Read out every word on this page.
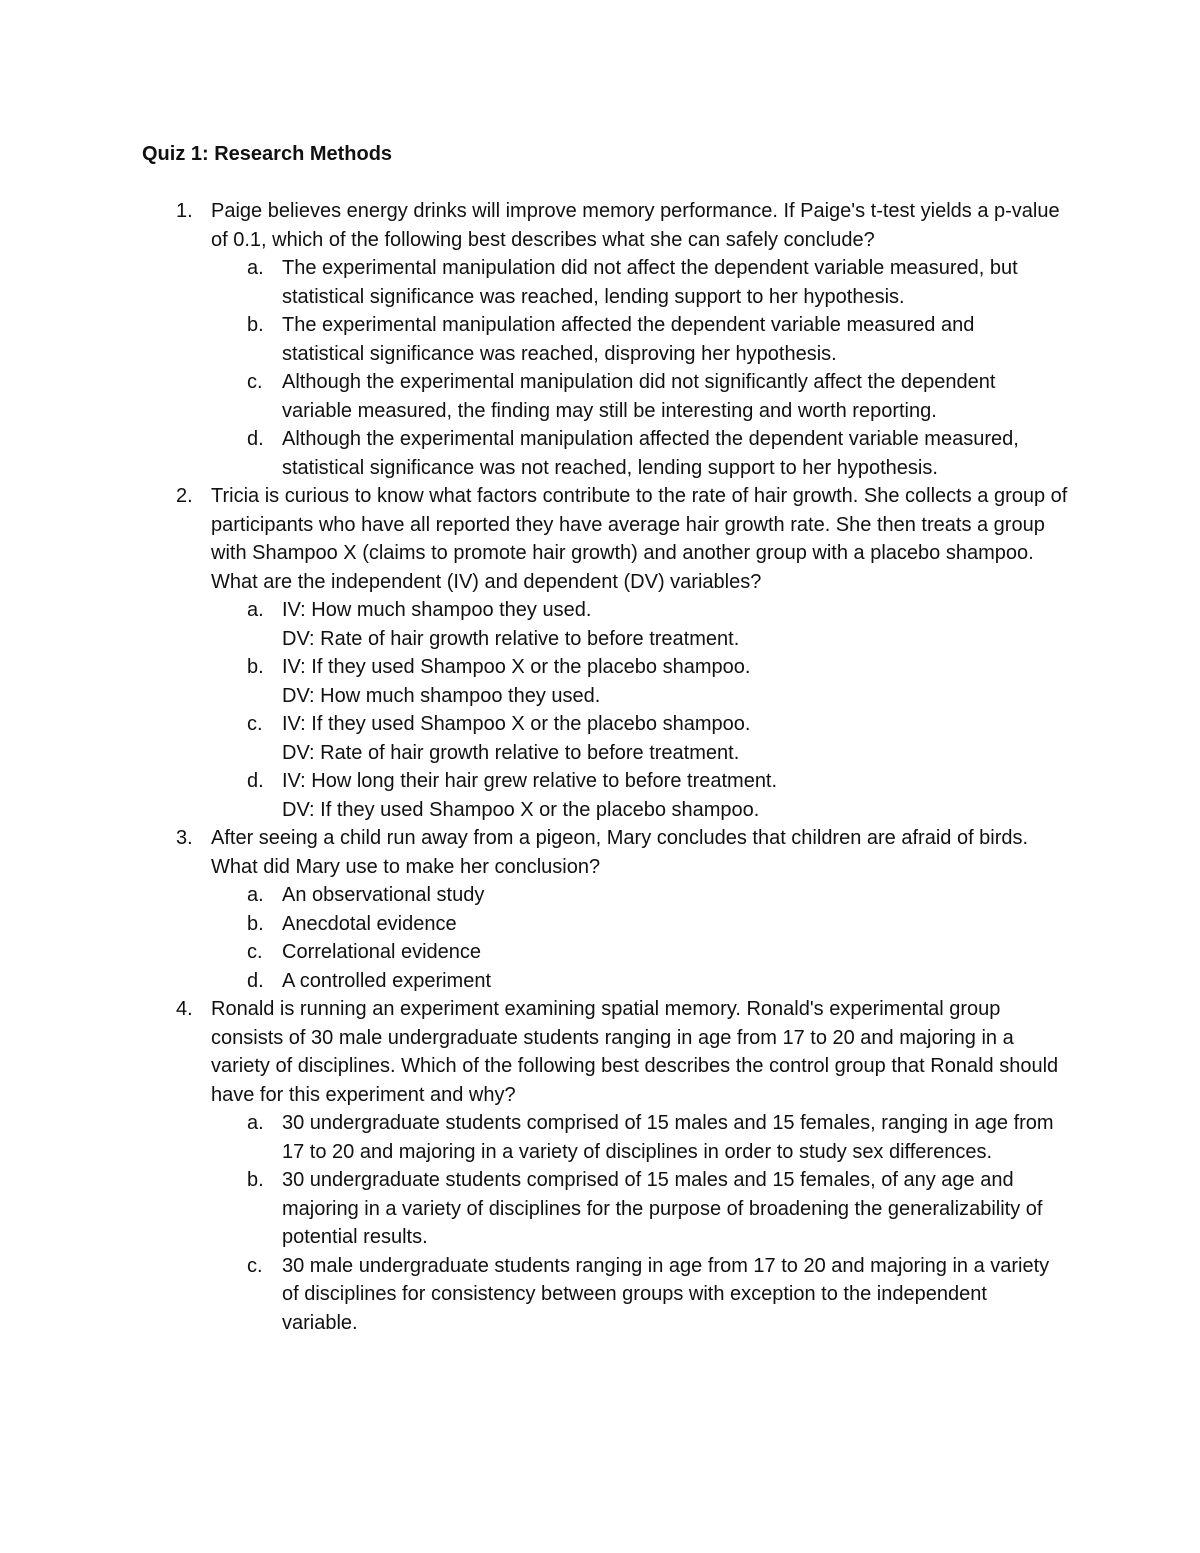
Quiz 1: Research Methods
1. Paige believes energy drinks will improve memory performance. If Paige's t-test yields a p-value of 0.1, which of the following best describes what she can safely conclude?
a. The experimental manipulation did not affect the dependent variable measured, but statistical significance was reached, lending support to her hypothesis.
b. The experimental manipulation affected the dependent variable measured and statistical significance was reached, disproving her hypothesis.
c. Although the experimental manipulation did not significantly affect the dependent variable measured, the finding may still be interesting and worth reporting.
d. Although the experimental manipulation affected the dependent variable measured, statistical significance was not reached, lending support to her hypothesis.
2. Tricia is curious to know what factors contribute to the rate of hair growth. She collects a group of participants who have all reported they have average hair growth rate. She then treats a group with Shampoo X (claims to promote hair growth) and another group with a placebo shampoo. What are the independent (IV) and dependent (DV) variables?
a. IV: How much shampoo they used.
DV: Rate of hair growth relative to before treatment.
b. IV: If they used Shampoo X or the placebo shampoo.
DV: How much shampoo they used.
c. IV: If they used Shampoo X or the placebo shampoo.
DV: Rate of hair growth relative to before treatment.
d. IV: How long their hair grew relative to before treatment.
DV: If they used Shampoo X or the placebo shampoo.
3. After seeing a child run away from a pigeon, Mary concludes that children are afraid of birds. What did Mary use to make her conclusion?
a. An observational study
b. Anecdotal evidence
c. Correlational evidence
d. A controlled experiment
4. Ronald is running an experiment examining spatial memory. Ronald's experimental group consists of 30 male undergraduate students ranging in age from 17 to 20 and majoring in a variety of disciplines. Which of the following best describes the control group that Ronald should have for this experiment and why?
a. 30 undergraduate students comprised of 15 males and 15 females, ranging in age from 17 to 20 and majoring in a variety of disciplines in order to study sex differences.
b. 30 undergraduate students comprised of 15 males and 15 females, of any age and majoring in a variety of disciplines for the purpose of broadening the generalizability of potential results.
c. 30 male undergraduate students ranging in age from 17 to 20 and majoring in a variety of disciplines for consistency between groups with exception to the independent variable.
